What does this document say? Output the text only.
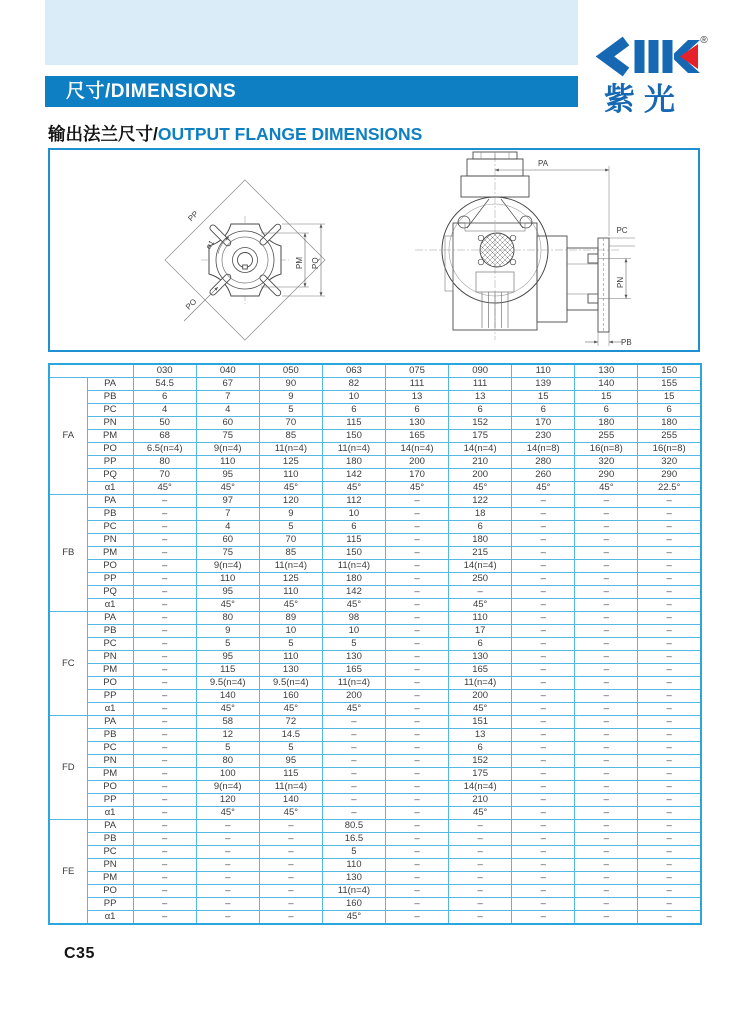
尺寸/DIMENSIONS
®
紫光
输出法兰尺寸/OUTPUT FLANGE DIMENSIONS
α1
PP
PO
PM PQ
PA
PC
PN
PB
		030	040	050	063	075	090	110	130	150
FA	PA	54.5	67	90	82	111	111	139	140	155
	PB	6	7	9	10	13	13	15	15	15
	PC	4	4	5	6	6	6	6	6	6
	PN	50	60	70	115	130	152	170	180	180
	PM	68	75	85	150	165	175	230	255	255
	PO	6.5(n=4)	9(n=4)	11(n=4)	11(n=4)	14(n=4)	14(n=4)	14(n=8)	16(n=8)	16(n=8)
	PP	80	110	125	180	200	210	280	320	320
	PQ	70	95	110	142	170	200	260	290	290
	α1	45°	45°	45°	45°	45°	45°	45°	45°	22.5°
FB	PA	–	97	120	112	–	122	–	–	–
	PB	–	7	9	10	–	18	–	–	–
	PC	–	4	5	6	–	6	–	–	–
	PN	–	60	70	115	–	180	–	–	–
	PM	–	75	85	150	–	215	–	–	–
	PO	–	9(n=4)	11(n=4)	11(n=4)	–	14(n=4)	–	–	–
	PP	–	110	125	180	–	250	–	–	–
	PQ	–	95	110	142	–	–	–	–	–
	α1	–	45°	45°	45°	–	45°	–	–	–
FC	PA	–	80	89	98	–	110	–	–	–
	PB	–	9	10	10	–	17	–	–	–
	PC	–	5	5	5	–	6	–	–	–
	PN	–	95	110	130	–	130	–	–	–
	PM	–	115	130	165	–	165	–	–	–
	PO	–	9.5(n=4)	9.5(n=4)	11(n=4)	–	11(n=4)	–	–	–
	PP	–	140	160	200	–	200	–	–	–
	α1	–	45°	45°	45°	–	45°	–	–	–
FD	PA	–	58	72	–	–	151	–	–	–
	PB	–	12	14.5	–	–	13	–	–	–
	PC	–	5	5	–	–	6	–	–	–
	PN	–	80	95	–	–	152	–	–	–
	PM	–	100	115	–	–	175	–	–	–
	PO	–	9(n=4)	11(n=4)	–	–	14(n=4)	–	–	–
	PP	–	120	140	–	–	210	–	–	–
	α1	–	45°	45°	–	–	45°	–	–	–
FE	PA	–	–	–	80.5	–	–	–	–	–
	PB	–	–	–	16.5	–	–	–	–	–
	PC	–	–	–	5	–	–	–	–	–
	PN	–	–	–	110	–	–	–	–	–
	PM	–	–	–	130	–	–	–	–	–
	PO	–	–	–	11(n=4)	–	–	–	–	–
	PP	–	–	–	160	–	–	–	–	–
	α1	–	–	–	45°	–	–	–	–	–
C35
